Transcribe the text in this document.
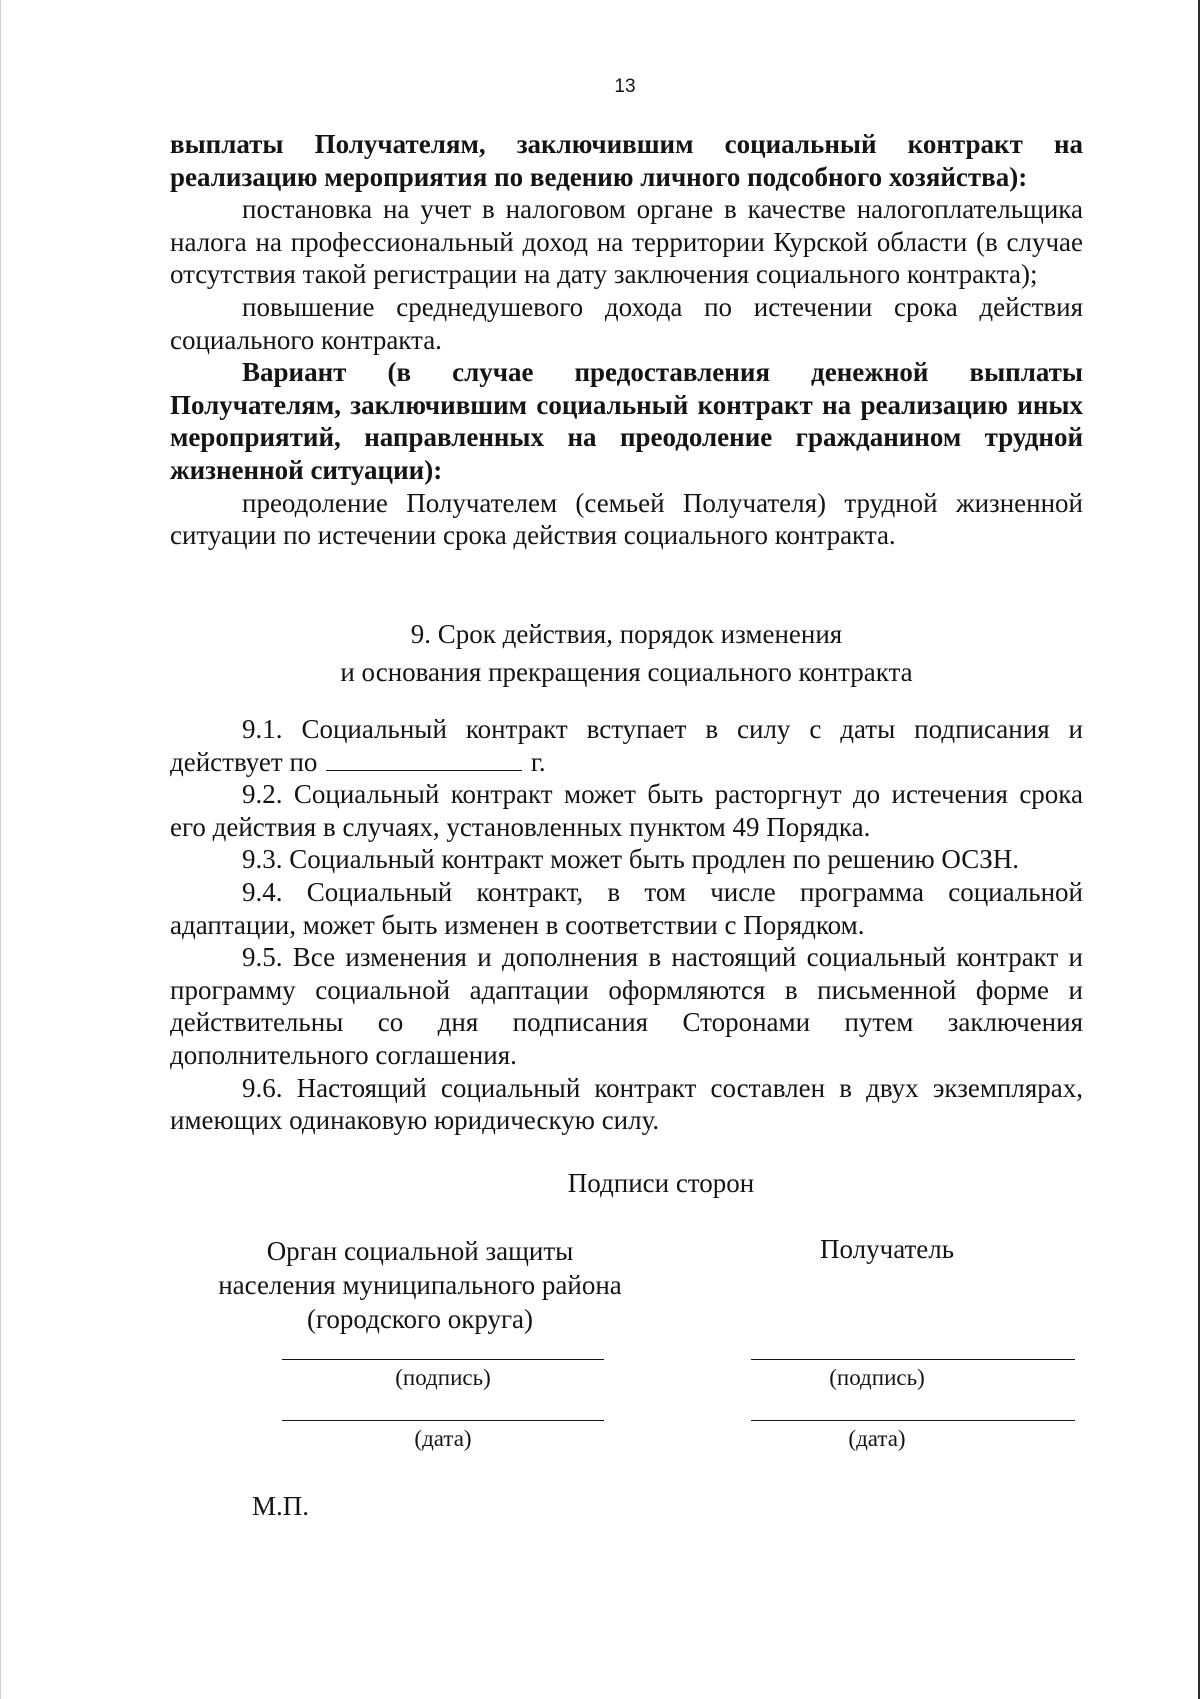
13

выплаты Получателям, заключившим социальный контракт на реализацию мероприятия по ведению личного подсобного хозяйства):

постановка на учет в налоговом органе в качестве налогоплательщика налога на профессиональный доход на территории Курской области (в случае отсутствия такой регистрации на дату заключения социального контракта);

повышение среднедушевого дохода по истечении срока действия социального контракта.

Вариант (в случае предоставления денежной выплаты Получателям, заключившим социальный контракт на реализацию иных мероприятий, направленных на преодоление гражданином трудной жизненной ситуации):

преодоление Получателем (семьей Получателя) трудной жизненной ситуации по истечении срока действия социального контракта.

9. Срок действия, порядок изменения
и основания прекращения социального контракта

9.1. Социальный контракт вступает в силу с даты подписания и действует по	г.

9.2. Социальный контракт может быть расторгнут до истечения срока его действия в случаях, установленных пунктом 49 Порядка.

9.3. Социальный контракт может быть продлен по решению ОСЗН.

9.4. Социальный контракт, в том числе программа социальной адаптации, может быть изменен в соответствии с Порядком.

9.5. Все изменения и дополнения в настоящий социальный контракт и программу социальной адаптации оформляются в письменной форме и действительны со дня подписания Сторонами путем заключения дополнительного соглашения.

9.6. Настоящий социальный контракт составлен в двух экземплярах, имеющих одинаковую юридическую силу.

Подписи сторон
Орган социальной защиты
населения муниципального района
(городского округа)
Получатель
(подпись)
(дата)
(подпись)
(дата)
М.П.
